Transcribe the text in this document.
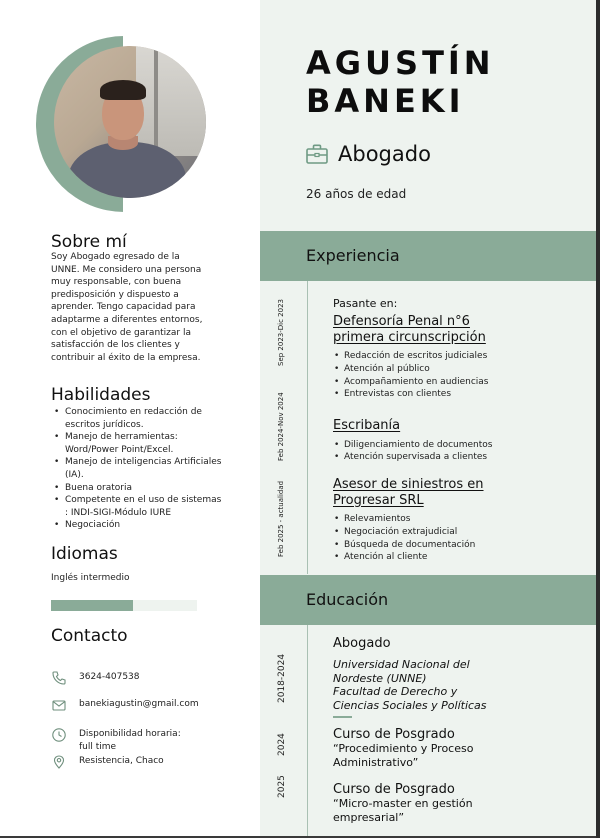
Sobre mí
Soy Abogado egresado de la UNNE. Me considero una persona muy responsable, con buena predisposición y dispuesto a aprender. Tengo capacidad para adaptarme a diferentes entornos, con el objetivo de garantizar la satisfacción de los clientes y contribuir al éxito de la empresa.
Habilidades
• Conocimiento en redacción de escritos jurídicos.
• Manejo de herramientas: Word/Power Point/Excel.
• Manejo de inteligencias Artificiales (IA).
• Buena oratoria
• Competente en el uso de sistemas : INDI-SIGI-Módulo IURE
• Negociación
Idiomas
Inglés intermedio
Contacto
3624-407538
banekiagustin@gmail.com
Disponibilidad horaria:
full time
Resistencia, Chaco
AGUSTÍN
BANEKI
Abogado
26 años de edad
Experiencia
Sep 2023-Dic 2023
Feb 2024-Nov 2024
Feb 2025 - actualidad
Pasante en:
Defensoría Penal n°6
primera circunscripción
• Redacción de escritos judiciales
• Atención al público
• Acompañamiento en audiencias
• Entrevistas con clientes
Escribanía
• Diligenciamiento de documentos
• Atención supervisada a clientes
Asesor de siniestros en
Progresar SRL
• Relevamientos
• Negociación extrajudicial
• Búsqueda de documentación
• Atención al cliente
Educación
2018-2024
2024
2025
Abogado
Universidad Nacional del
Nordeste (UNNE)
Facultad de Derecho y
Ciencias Sociales y Políticas
Curso de Posgrado
“Procedimiento y Proceso
Administrativo”
Curso de Posgrado
“Micro-master en gestión
empresarial”
